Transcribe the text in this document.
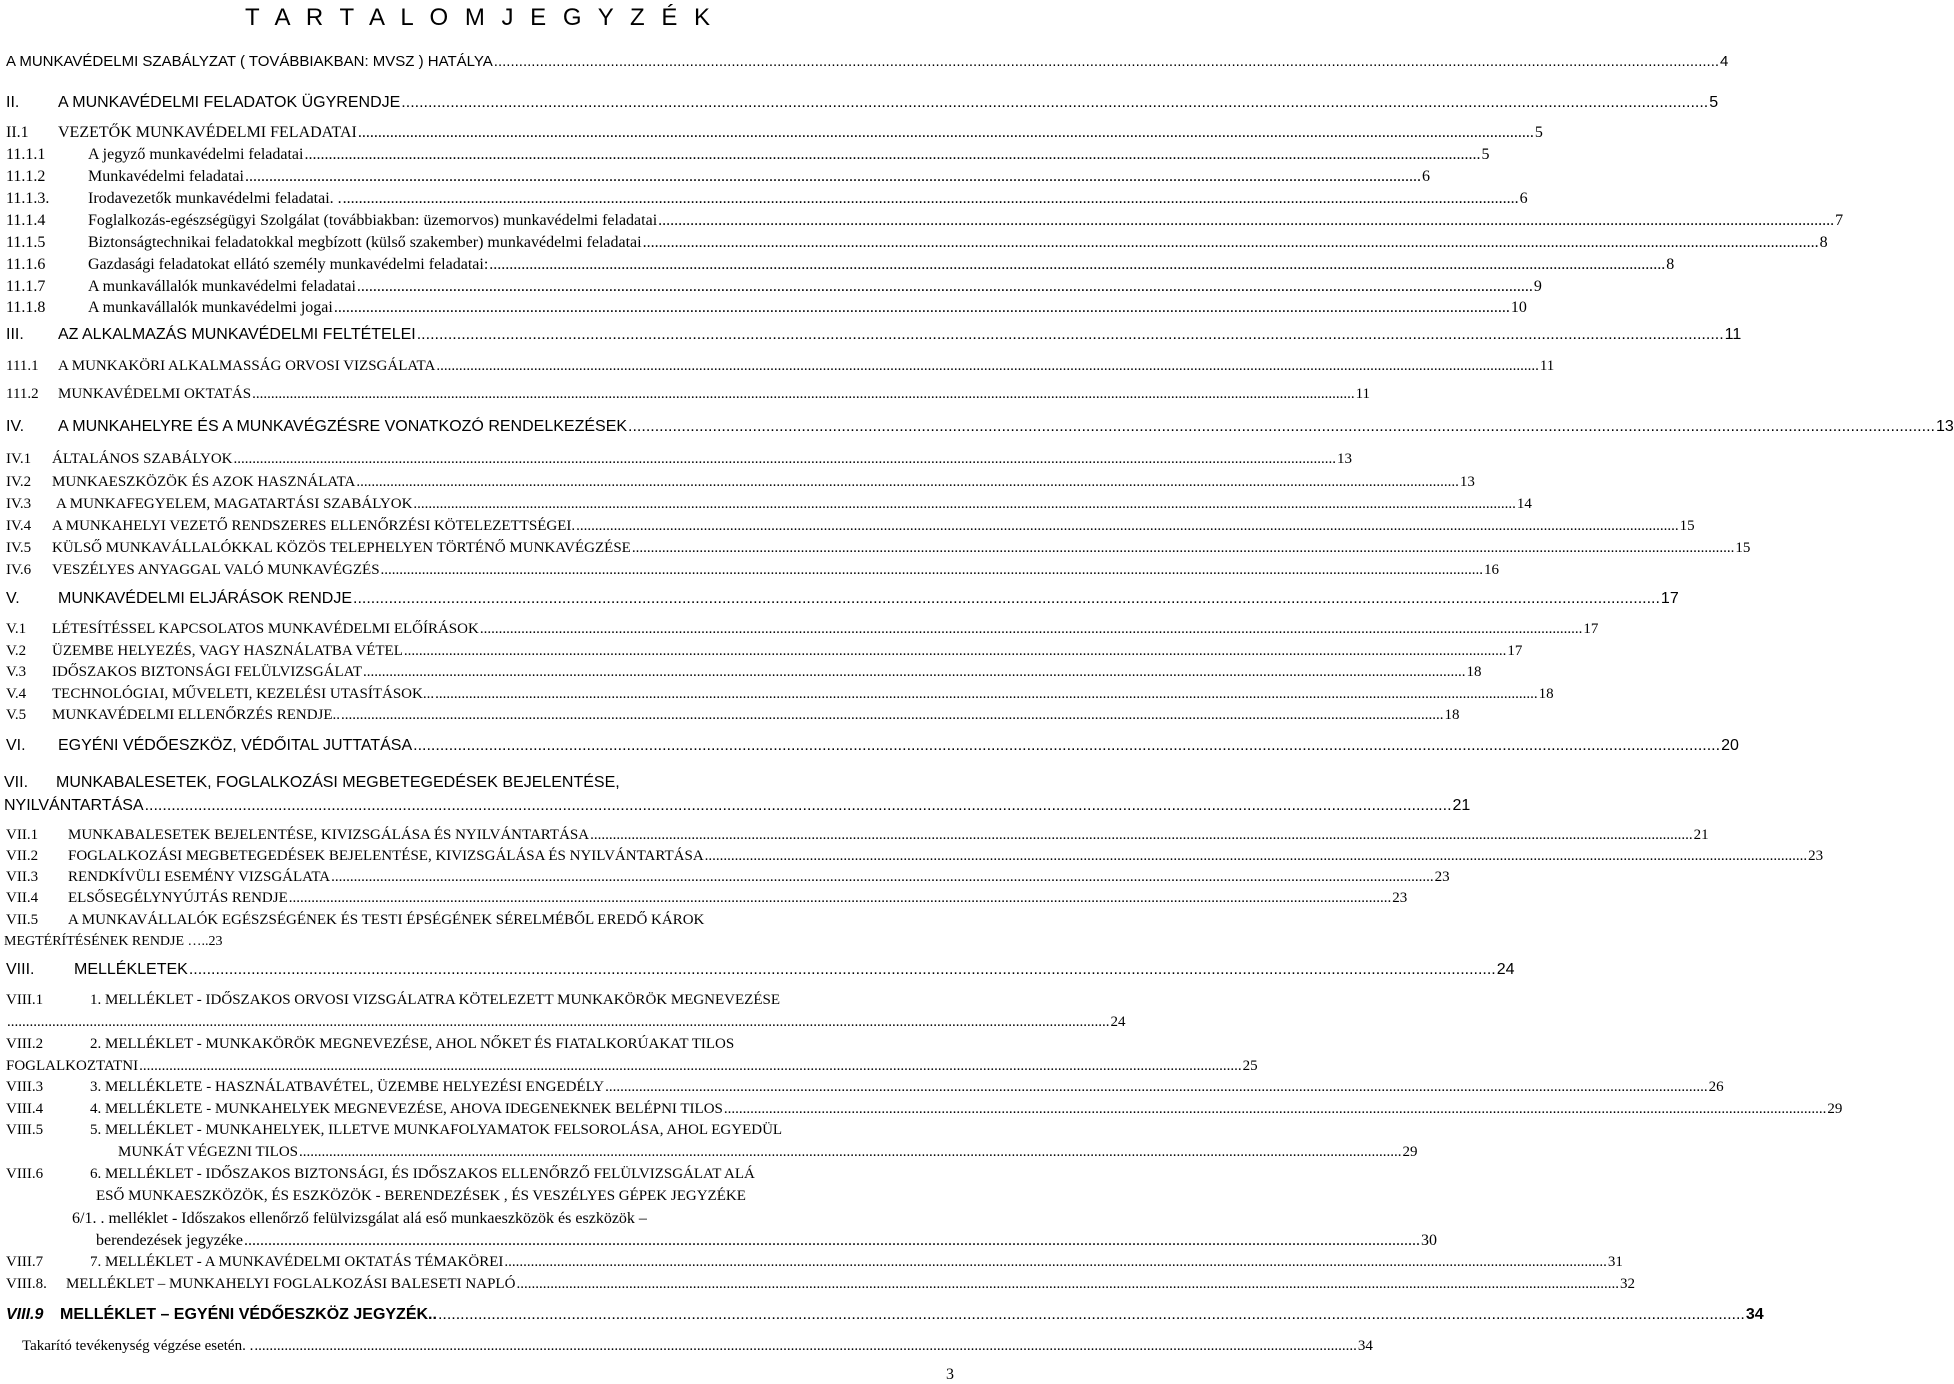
T A R T A L O M J E G Y Z É K
A MUNKAVÉDELMI SZABÁLYZAT ( TOVÁBBIAKBAN: MVSZ ) HATÁLYA .....	4
II.	A MUNKAVÉDELMI FELADATOK ÜGYRENDJE .....	5
II.1	VEZETŐK MUNKAVÉDELMI FELADATAI .....	5
11.1.1	A jegyző munkavédelmi feladatai .....	5
11.1.2	Munkavédelmi feladatai .....	6
11.1.3.	Irodavezetők munkavédelmi feladatai. . .....	6
11.1.4	Foglalkozás-egészségügyi Szolgálat (továbbiakban: üzemorvos) munkavédelmi feladatai .....	7
11.1.5	Biztonságtechnikai feladatokkal megbízott (külső szakember) munkavédelmi feladatai .....	8
11.1.6	Gazdasági feladatokat ellátó személy munkavédelmi feladatai: .....	8
11.1.7	A munkavállalók munkavédelmi feladatai .....	9
11.1.8	A munkavállalók munkavédelmi jogai .....	10
III.	AZ ALKALMAZÁS MUNKAVÉDELMI FELTÉTELEI .....	11
111.1	A MUNKAKÖRI ALKALMASSÁG ORVOSI VIZSGÁLATA .....	11
111.2	MUNKAVÉDELMI OKTATÁS .....	11
IV.	A MUNKAHELYRE ÉS A MUNKAVÉGZÉSRE VONATKOZÓ RENDELKEZÉSEK .....	13
IV.1	ÁLTALÁNOS SZABÁLYOK .....	13
IV.2	MUNKAESZKÖZÖK ÉS AZOK HASZNÁLATA .....	13
IV.3	A MUNKAFEGYELEM, MAGATARTÁSI SZABÁLYOK .....	14
IV.4	A MUNKAHELYI VEZETŐ RENDSZERES ELLENŐRZÉSI KÖTELEZETTSÉGEI. .....	15
IV.5	KÜLSŐ MUNKAVÁLLALÓKKAL KÖZÖS TELEPHELYEN TÖRTÉNŐ MUNKAVÉGZÉSE .....	15
IV.6	VESZÉLYES ANYAGGAL VALÓ MUNKAVÉGZÉS .....	16
V.	MUNKAVÉDELMI ELJÁRÁSOK RENDJE .....	17
V.1	LÉTESÍTÉSSEL KAPCSOLATOS MUNKAVÉDELMI ELŐÍRÁSOK .....	17
V.2	ÜZEMBE HELYEZÉS, VAGY HASZNÁLATBA VÉTEL .....	17
V.3	IDŐSZAKOS BIZTONSÁGI FELÜLVIZSGÁLAT .....	18
V.4	TECHNOLÓGIAI, MŰVELETI, KEZELÉSI UTASÍTÁSOK... .....	18
V.5	MUNKAVÉDELMI ELLENŐRZÉS RENDJE.. .....	18
VI.	EGYÉNI VÉDŐESZKÖZ, VÉDŐITAL JUTTATÁSA .....	20
VII. MUNKABALESETEK, FOGLALKOZÁSI MEGBETEGEDÉSEK BEJELENTÉSE,
NYILVÁNTARTÁSA .....	21
VII.1	MUNKABALESETEK BEJELENTÉSE, KIVIZSGÁLÁSA ÉS NYILVÁNTARTÁSA .....	21
VII.2	FOGLALKOZÁSI MEGBETEGEDÉSEK BEJELENTÉSE, KIVIZSGÁLÁSA ÉS NYILVÁNTARTÁSA .....	23
VII.3	RENDKÍVÜLI ESEMÉNY VIZSGÁLATA .....	23
VII.4	ELSŐSEGÉLYNYÚJTÁS RENDJE .....	23
VII.5 A MUNKAVÁLLALÓK EGÉSZSÉGÉNEK ÉS TESTI ÉPSÉGÉNEK SÉRELMÉBŐL EREDŐ KÁROK
MEGTÉRÍTÉSÉNEK RENDJE …..23
VIII.	MELLÉKLETEK .....	24
VIII.1	1. MELLÉKLET - IDŐSZAKOS ORVOSI VIZSGÁLATRA KÖTELEZETT MUNKAKÖRÖK MEGNEVEZÉSE
.....
24
VIII.2	2. MELLÉKLET - MUNKAKÖRÖK MEGNEVEZÉSE, AHOL NŐKET ÉS FIATALKORÚAKAT TILOS
FOGLALKOZTATNI .....	25
VIII.3	3. MELLÉKLETE - HASZNÁLATBAVÉTEL, ÜZEMBE HELYEZÉSI ENGEDÉLY .....	26
VIII.4	4. MELLÉKLETE - MUNKAHELYEK MEGNEVEZÉSE, AHOVA IDEGENEKNEK BELÉPNI TILOS .....	29
VIII.5	5. MELLÉKLET - MUNKAHELYEK, ILLETVE MUNKAFOLYAMATOK FELSOROLÁSA, AHOL EGYEDÜL
MUNKÁT VÉGEZNI TILOS .....	29
VIII.6	6. MELLÉKLET - IDŐSZAKOS BIZTONSÁGI, ÉS IDŐSZAKOS ELLENŐRZŐ FELÜLVIZSGÁLAT ALÁ
ESŐ MUNKAESZKÖZÖK, ÉS ESZKÖZÖK - BERENDEZÉSEK , ÉS VESZÉLYES GÉPEK JEGYZÉKE
6/1. . melléklet - Időszakos ellenőrző felülvizsgálat alá eső munkaeszközök és eszközök –
berendezések jegyzéke .....	30
VIII.7	7. MELLÉKLET - A MUNKAVÉDELMI OKTATÁS TÉMAKÖREI .....	31
VIII.8.	MELLÉKLET – MUNKAHELYI FOGLALKOZÁSI BALESETI NAPLÓ .....	32
VIII.9	MELLÉKLET – EGYÉNI VÉDŐESZKÖZ JEGYZÉK.. .....	34
Takarító tevékenység végzése esetén. . .....	34
3
